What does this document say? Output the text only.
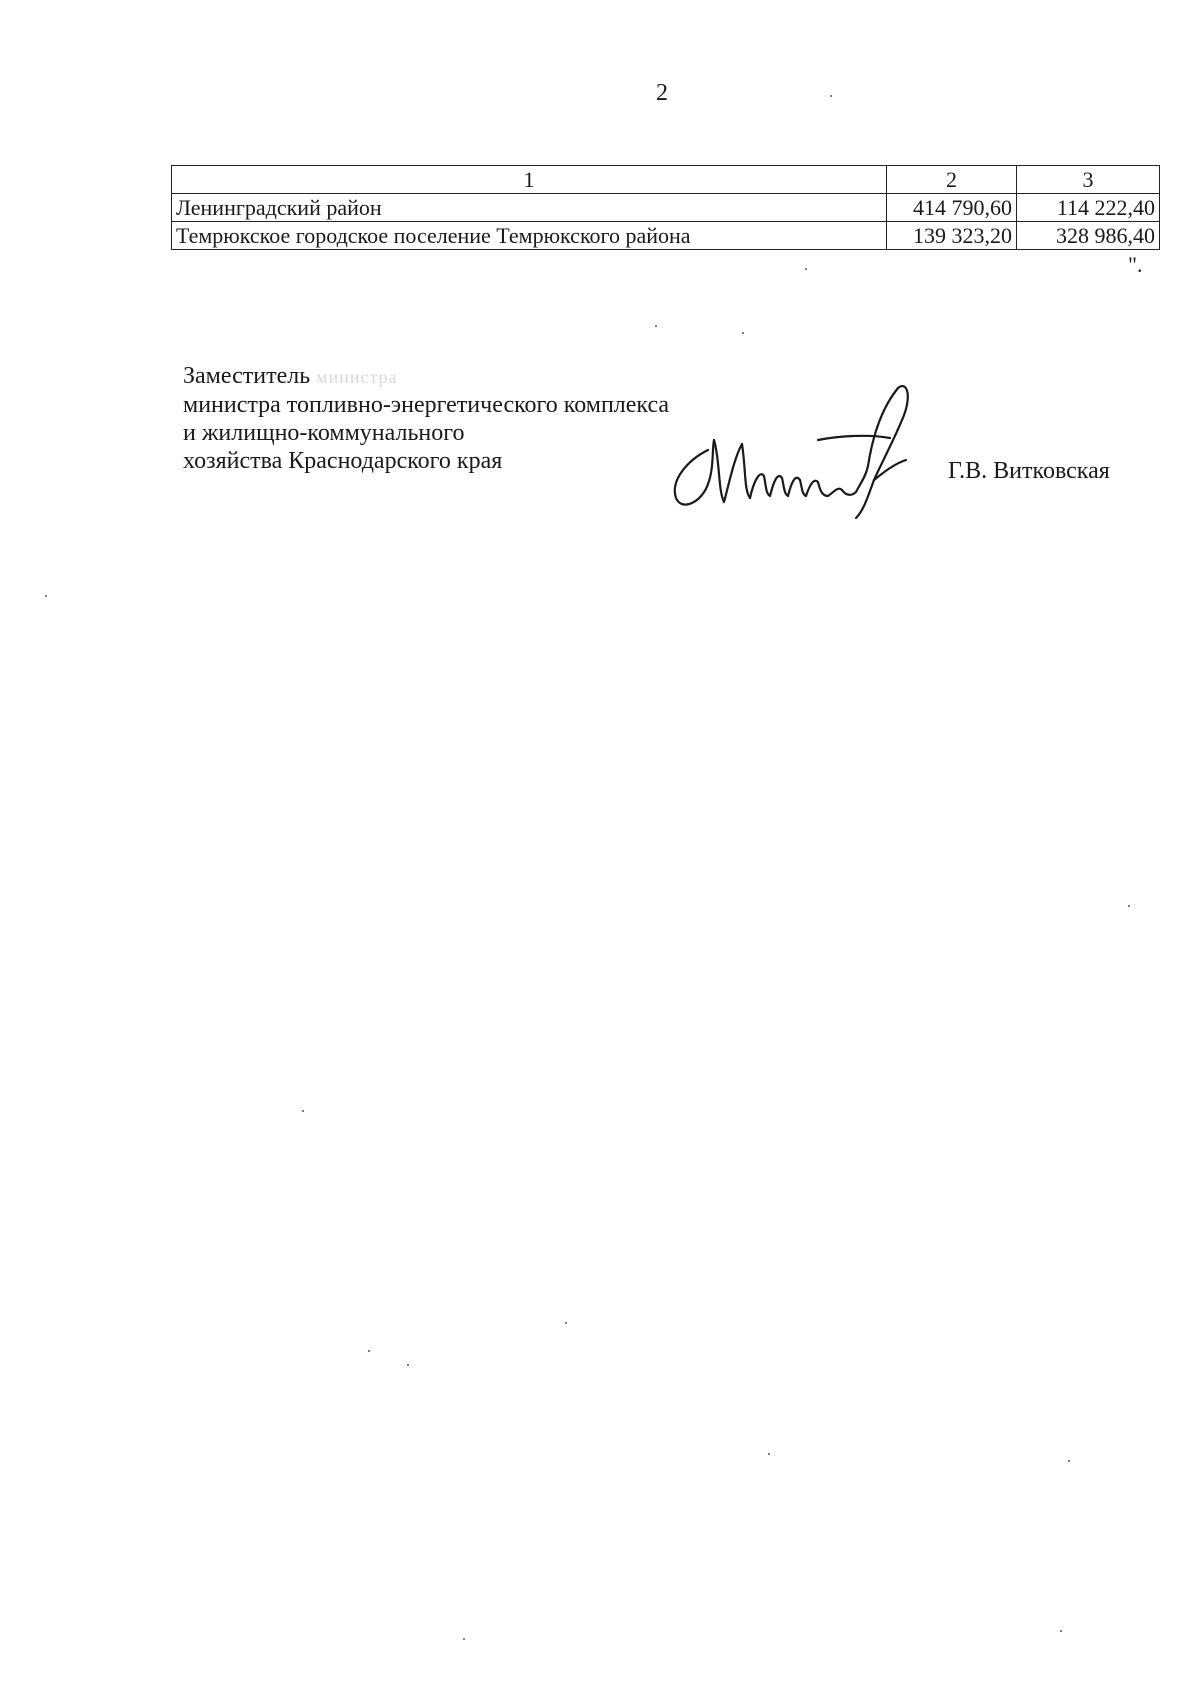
2
1	2	3
Ленинградский район	414 790,60	114 222,40
Темрюкское городское поселение Темрюкского района	139 323,20	328 986,40
".
Заместитель министра
министра топливно-энергетического комплекса
и жилищно-коммунального
хозяйства Краснодарского края	Г.В. Витковская
